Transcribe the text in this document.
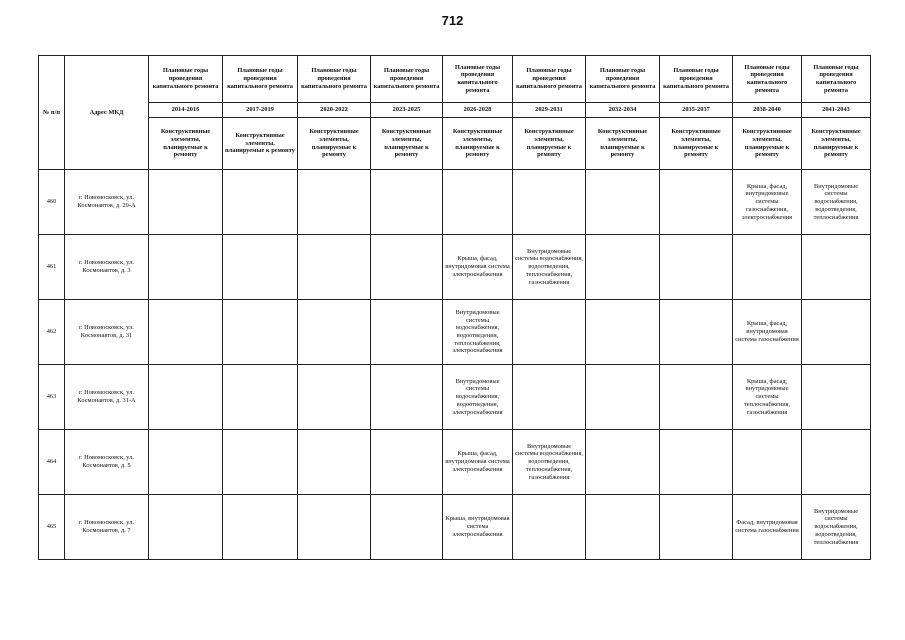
712
№ п/п	Адрес МКД	Плановые годы проведения капитального ремонта	Плановые годы проведения капитального ремонта	Плановые годы проведения капитального ремонта	Плановые годы проведения капитального ремонта	Плановые годы проведения капитального ремонта	Плановые годы проведения капитального ремонта	Плановые годы проведения капитального ремонта	Плановые годы проведения капитального ремонта	Плановые годы проведения капитального ремонта	Плановые годы проведения капитального ремонта
		2014-2016	2017-2019	2020-2022	2023-2025	2026-2028	2029-2031	2032-2034	2035-2037	2038-2040	2041-2043
		Конструктивные элементы, планируемые к ремонту	Конструктивные элементы, планируемые к ремонту	Конструктивные элементы, планируемые к ремонту	Конструктивные элементы, планируемые к ремонту	Конструктивные элементы, планируемые к ремонту	Конструктивные элементы, планируемые к ремонту	Конструктивные элементы, планируемые к ремонту	Конструктивные элементы, планируемые к ремонту	Конструктивные элементы, планируемые к ремонту	Конструктивные элементы, планируемые к ремонту
460	г. Новомосковск, ул. Космонавтов, д. 29-А									Крыша, фасад, внутридомовые системы газоснабжения, электроснабжения	Внутридомовые системы водоснабжения, водоотведения, теплоснабжения
461	г. Новомосковск, ул. Космонавтов, д. 3					Крыша, фасад, внутридомовая система электроснабжения	Внутридомовые системы водоснабжения, водоотведения, теплоснабжения, газоснабжения				
462	г. Новомосковск, ул. Космонавтов, д. 31					Внутридомовые системы водоснабжения, водоотведения, теплоснабжения, электроснабжения				Крыша, фасад, внутридомовая система газоснабжения	
463	г. Новомосковск, ул. Космонавтов, д. 31-А					Внутридомовые системы водоснабжения, водоотведения, электроснабжения				Крыша, фасад, внутридомовые системы теплоснабжения, газоснабжения	
464	г. Новомосковск, ул. Космонавтов, д. 5					Крыша, фасад, внутридомовая система электроснабжения	Внутридомовые системы водоснабжения, водоотведения, теплоснабжения, газоснабжения				
465	г. Новомосковск, ул. Космонавтов, д. 7					Крыша, внутридомовая система электроснабжения				Фасад, внутридомовая система газоснабжения	Внутридомовые системы водоснабжения, водоотведения, теплоснабжения
